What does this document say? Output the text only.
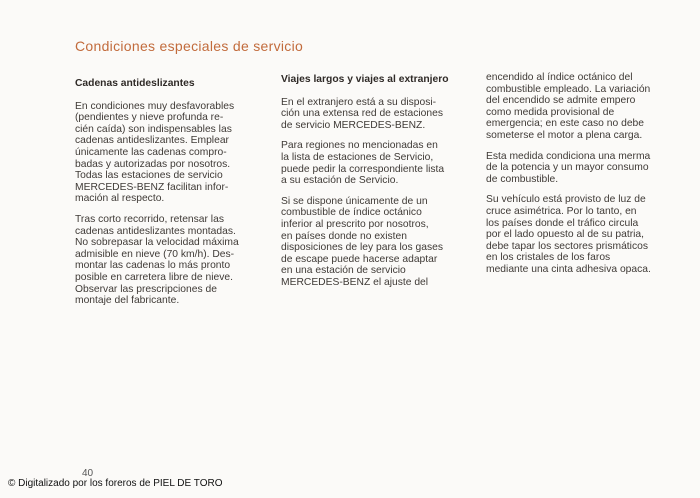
Condiciones especiales de servicio
Cadenas antideslizantes
En condiciones muy desfavorables
(pendientes y nieve profunda re-
cién caída) son indispensables las
cadenas antideslizantes. Emplear
únicamente las cadenas compro-
badas y autorizadas por nosotros.
Todas las estaciones de servicio
MERCEDES-BENZ facilitan infor-
mación al respecto.
Tras corto recorrido, retensar las
cadenas antideslizantes montadas.
No sobrepasar la velocidad máxima
admisible en nieve (70 km/h). Des-
montar las cadenas lo más pronto
posible en carretera libre de nieve.
Observar las prescripciones de
montaje del fabricante.
Viajes largos y viajes al extranjero
En el extranjero está a su disposi-
ción una extensa red de estaciones
de servicio MERCEDES-BENZ.
Para regiones no mencionadas en
la lista de estaciones de Servicio,
puede pedir la correspondiente lista
a su estación de Servicio.
Si se dispone únicamente de un
combustible de índice octánico
inferior al prescrito por nosotros,
en países donde no existen
disposiciones de ley para los gases
de escape puede hacerse adaptar
en una estación de servicio
MERCEDES-BENZ el ajuste del
encendido al índice octánico del
combustible empleado. La variación
del encendido se admite empero
como medida provisional de
emergencia; en este caso no debe
someterse el motor a plena carga.
Esta medida condiciona una merma
de la potencia y un mayor consumo
de combustible.
Su vehículo está provisto de luz de
cruce asimétrica. Por lo tanto, en
los países donde el tráfico circula
por el lado opuesto al de su patria,
debe tapar los sectores prismáticos
en los cristales de los faros
mediante una cinta adhesiva opaca.
40
© Digitalizado por los foreros de PIEL DE TORO
